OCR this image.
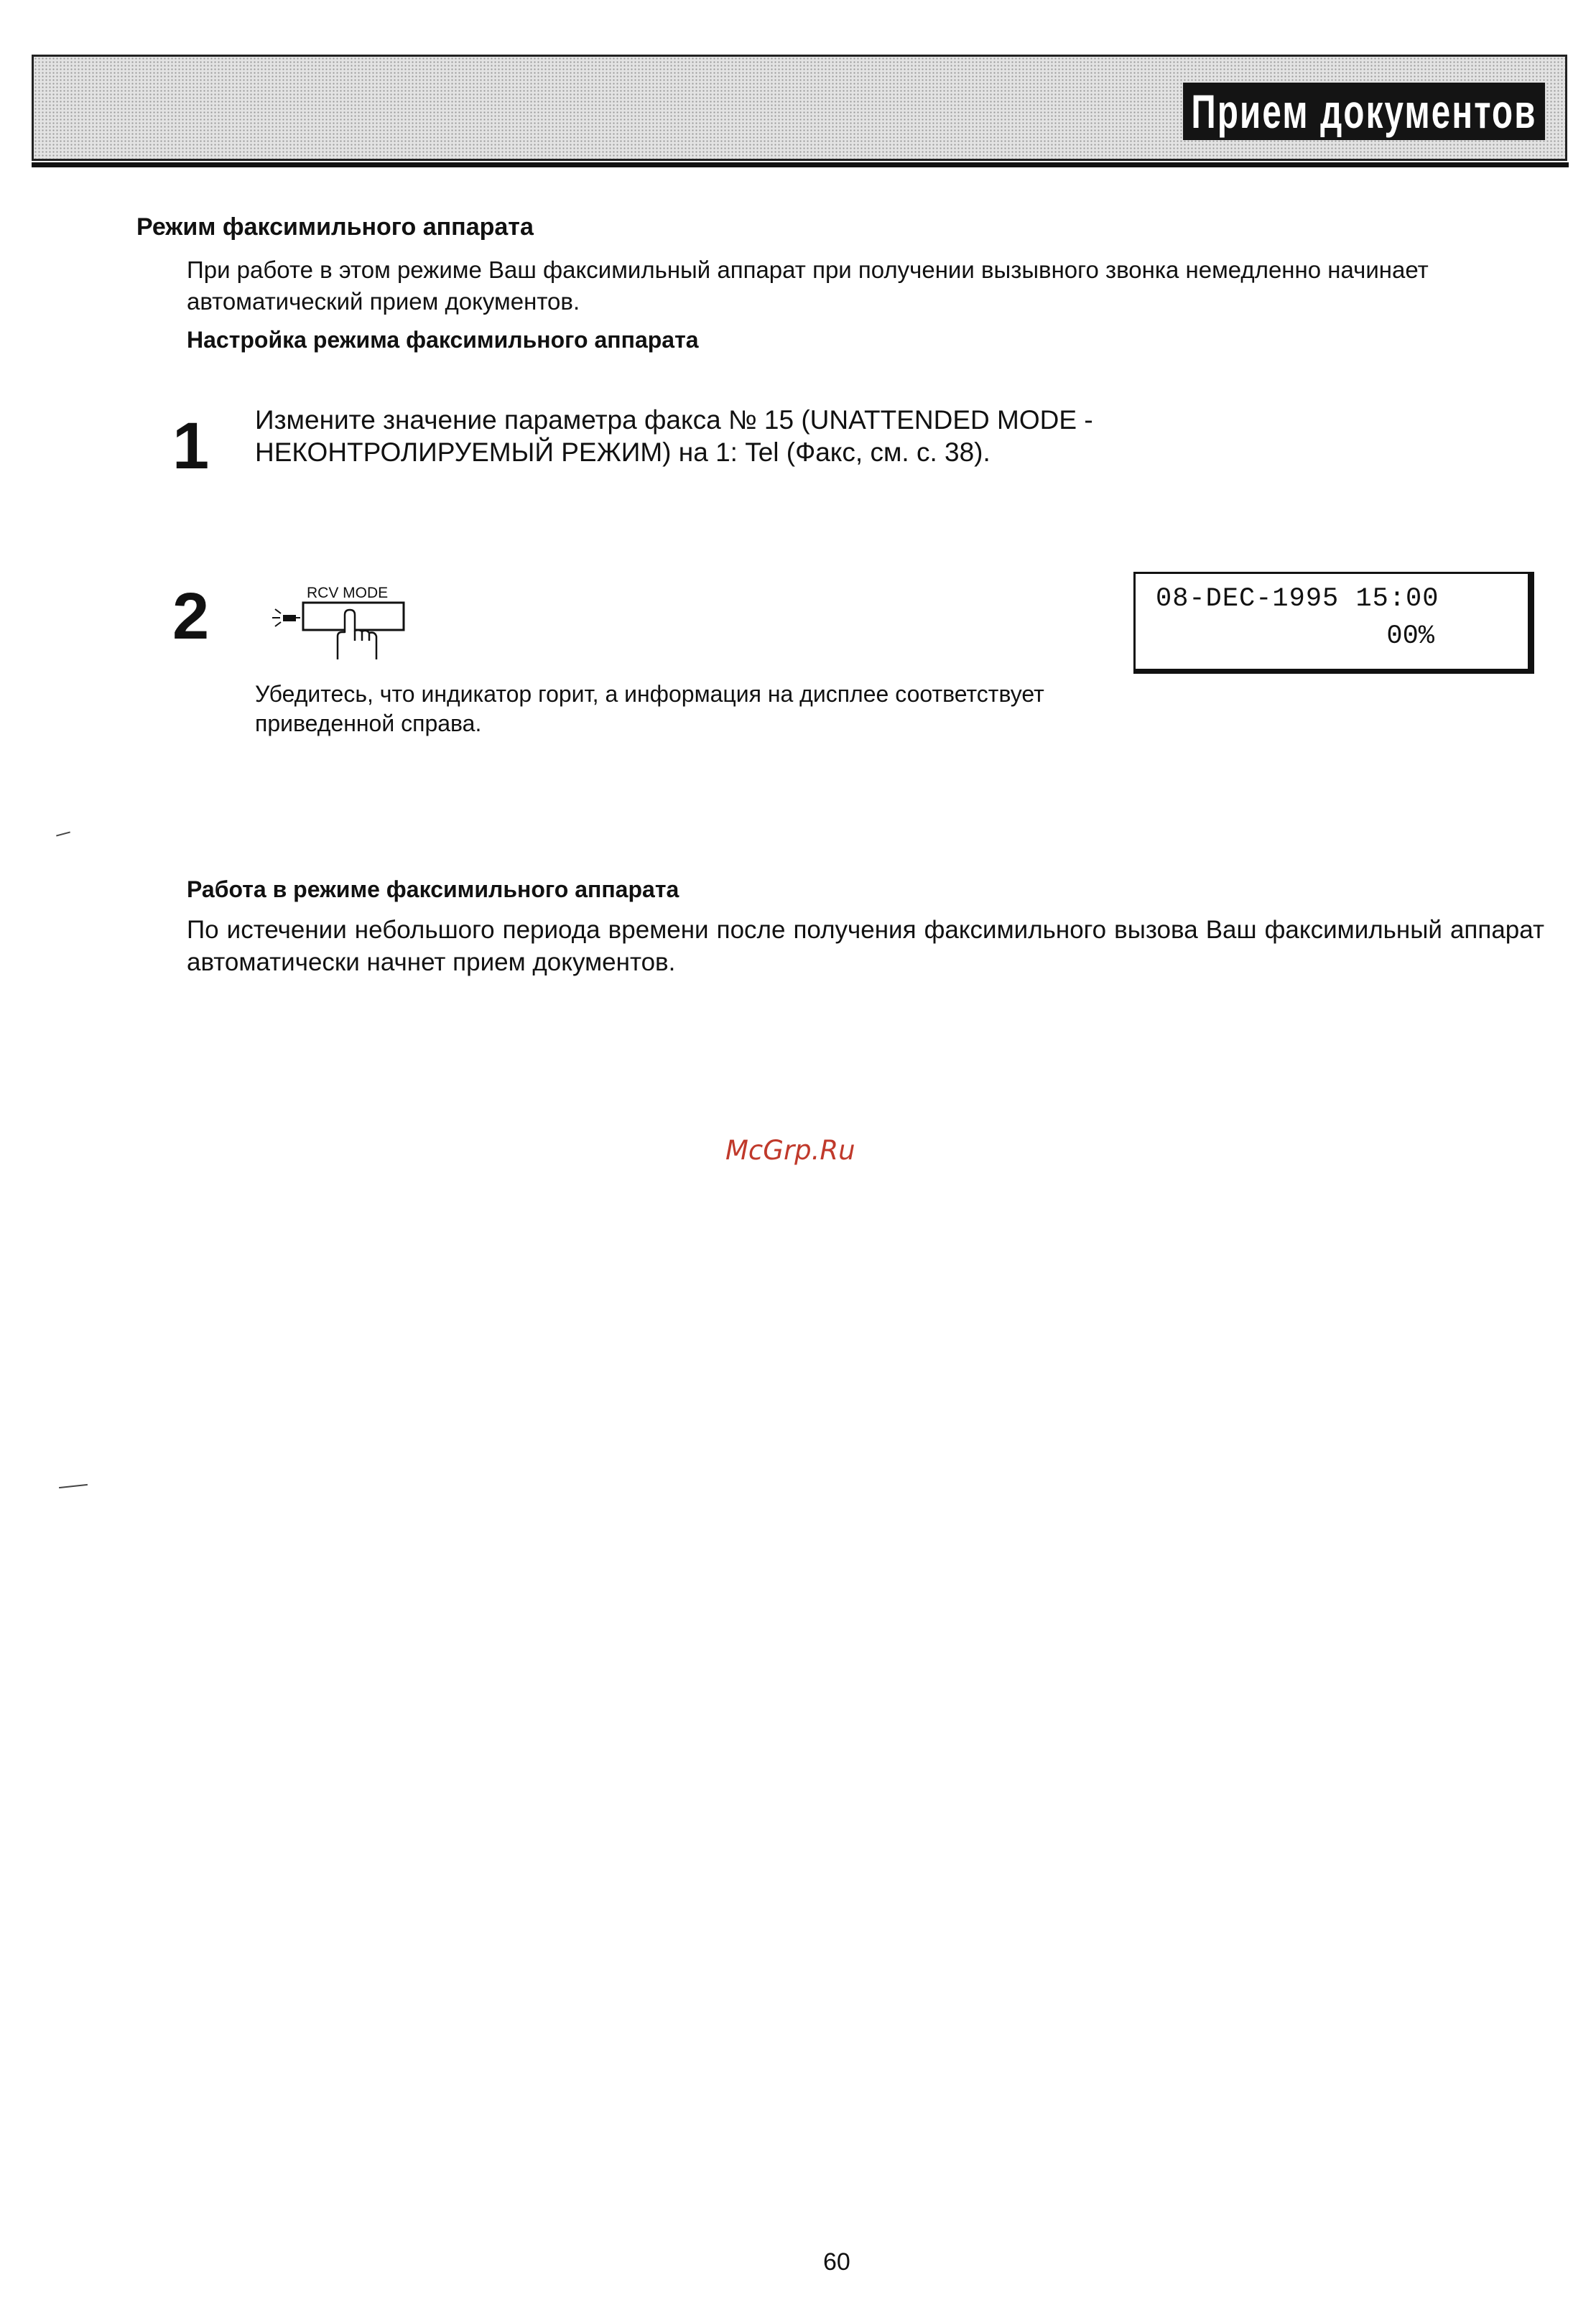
Прием документов
Режим факсимильного аппарата

При работе в этом режиме Ваш факсимильный аппарат при получении вызывного звонка немедленно начинает автоматический прием документов.

Настройка режима факсимильного аппарата
1 Измените значение параметра факса № 15 (UNATTENDED MODE - НЕКОНТРОЛИРУЕМЫЙ РЕЖИМ) на 1: Tel (Факс, см. с. 38).

2	RCV MODE

Убедитесь, что индикатор горит, а информация на дисплее соответствует приведенной справа.

08-DEC-1995 15:00
00%
Работа в режиме факсимильного аппарата

По истечении небольшого периода времени после получения факсимильного вызова Ваш факсимильный аппарат автоматически начнет прием документов.

McGrp.Ru
60
